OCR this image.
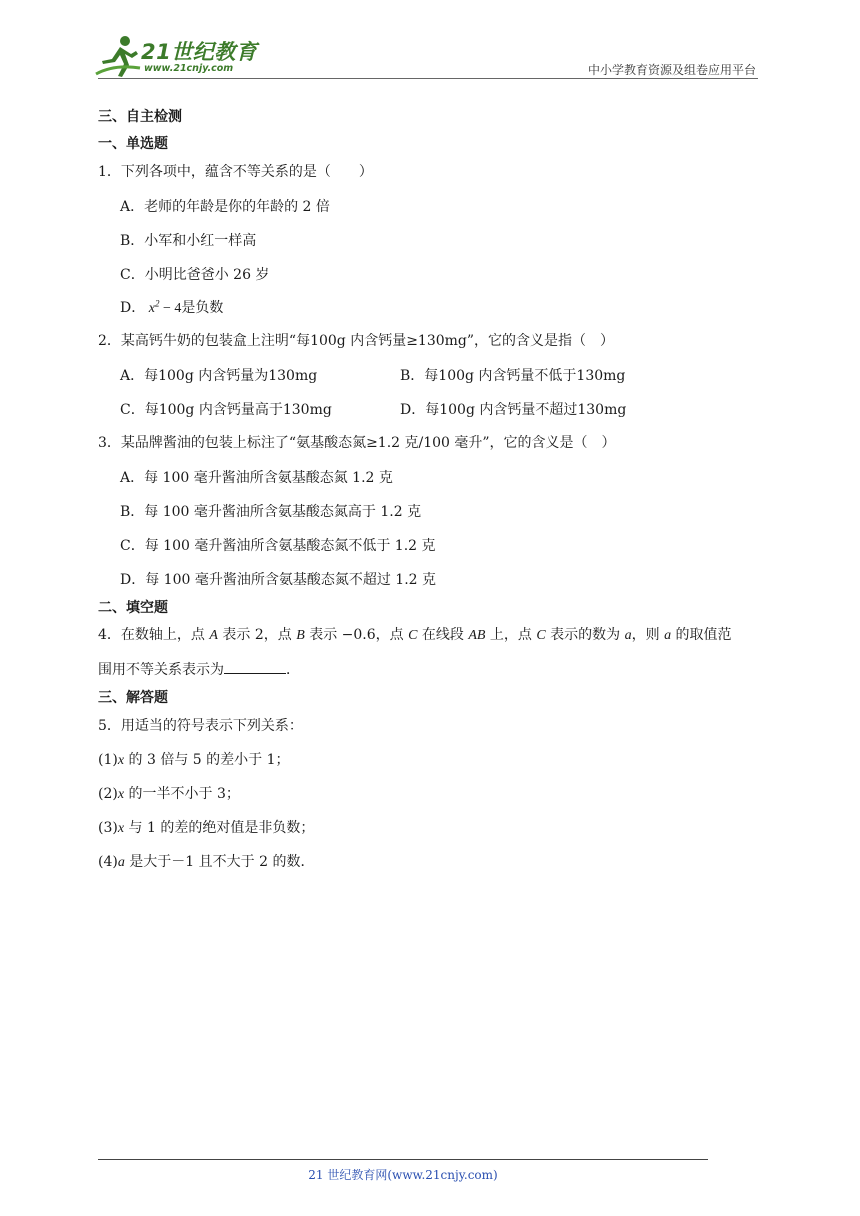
21世纪教育
www.21cnjy.com	中小学教育资源及组卷应用平台
三、自主检测
一、单选题
1．下列各项中，蕴含不等关系的是（　　）
A．老师的年龄是你的年龄的 2 倍
B．小军和小红一样高
C．小明比爸爸小 26 岁
D． $x^2 - 4$是负数
2．某高钙牛奶的包装盒上注明“每100g 内含钙量≥130mg”，它的含义是指（　）
A．每100g 内含钙量为130mg	B．每100g 内含钙量不低于130mg
C．每100g 内含钙量高于130mg	D．每100g 内含钙量不超过130mg
3．某品牌酱油的包装上标注了“氨基酸态氮≥1.2 克/100 毫升”，它的含义是（　）
A．每 100 毫升酱油所含氨基酸态氮 1.2 克
B．每 100 毫升酱油所含氨基酸态氮高于 1.2 克
C．每 100 毫升酱油所含氨基酸态氮不低于 1.2 克
D．每 100 毫升酱油所含氨基酸态氮不超过 1.2 克
二、填空题
4．在数轴上，点 A 表示 2，点 B 表示 −0.6，点 C 在线段 AB 上，点 C 表示的数为 a，则 a 的取值范
围用不等关系表示为	．
三、解答题
5．用适当的符号表示下列关系：
(1)x 的 3 倍与 5 的差小于 1；
(2)x 的一半不小于 3；
(3)x 与 1 的差的绝对值是非负数；
(4)a 是大于－1 且不大于 2 的数．
21 世纪教育网(www.21cnjy.com)
